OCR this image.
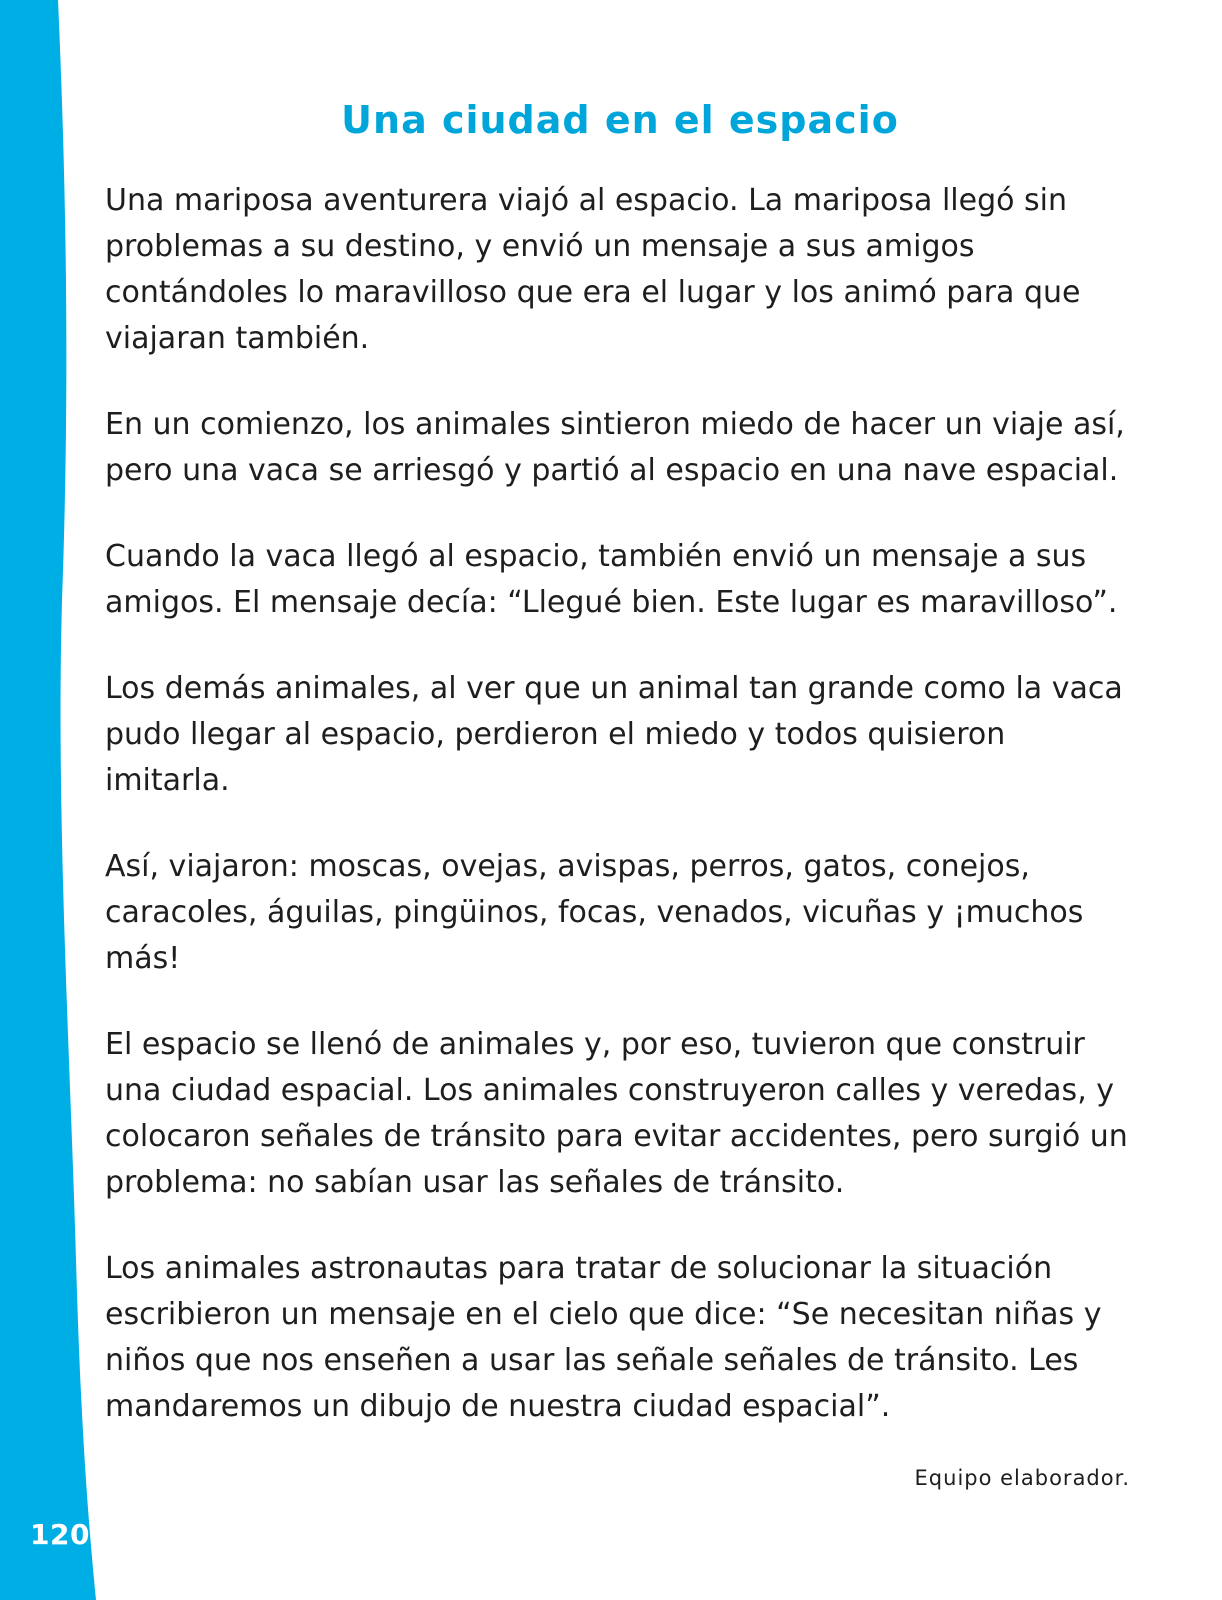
120
Una ciudad en el espacio

Una mariposa aventurera viajó al espacio. La mariposa llegó sin problemas a su destino, y envió un mensaje a sus amigos contándoles lo maravilloso que era el lugar y los animó para que viajaran también.

En un comienzo, los animales sintieron miedo de hacer un viaje así, pero una vaca se arriesgó y partió al espacio en una nave espacial.

Cuando la vaca llegó al espacio, también envió un mensaje a sus amigos. El mensaje decía: “Llegué bien. Este lugar es maravilloso”.

Los demás animales, al ver que un animal tan grande como la vaca pudo llegar al espacio, perdieron el miedo y todos quisieron imitarla.

Así, viajaron: moscas, ovejas, avispas, perros, gatos, conejos, caracoles, águilas, pingüinos, focas, venados, vicuñas y ¡muchos más!

El espacio se llenó de animales y, por eso, tuvieron que construir una ciudad espacial. Los animales construyeron calles y veredas, y colocaron señales de tránsito para evitar accidentes, pero surgió un problema: no sabían usar las señales de tránsito.

Los animales astronautas para tratar de solucionar la situación escribieron un mensaje en el cielo que dice: “Se necesitan niñas y niños que nos enseñen a usar las señale señales de tránsito. Les mandaremos un dibujo de nuestra ciudad espacial”.

Equipo elaborador.
